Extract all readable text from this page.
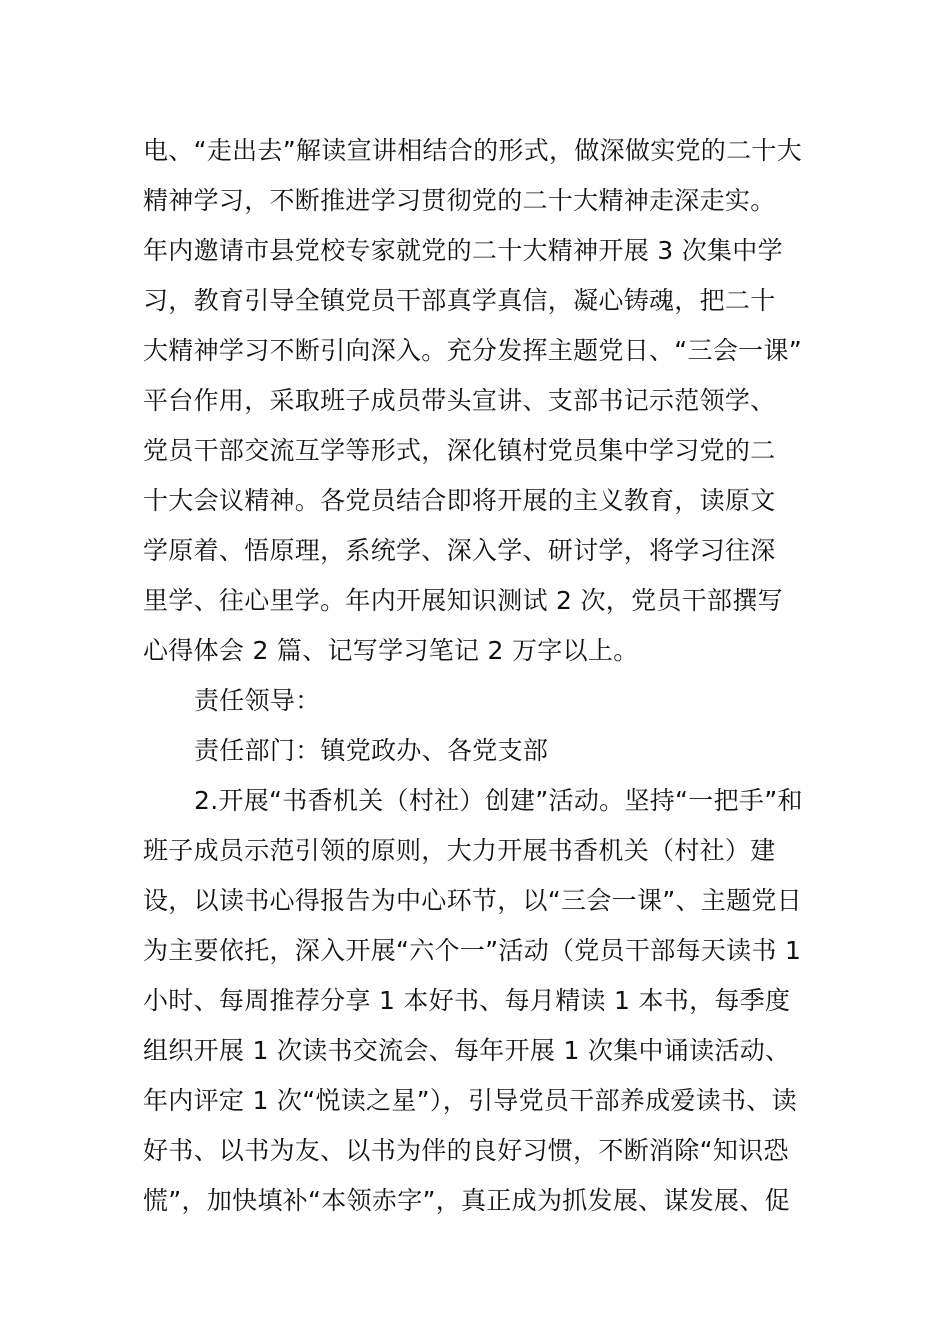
电、“走出去”解读宣讲相结合的形式，做深做实党的二十大
精神学习，不断推进学习贯彻党的二十大精神走深走实。
年内邀请市县党校专家就党的二十大精神开展 3 次集中学
习，教育引导全镇党员干部真学真信，凝心铸魂，把二十
大精神学习不断引向深入。充分发挥主题党日、“三会一课”
平台作用，采取班子成员带头宣讲、支部书记示范领学、
党员干部交流互学等形式，深化镇村党员集中学习党的二
十大会议精神。各党员结合即将开展的主义教育，读原文
学原着、悟原理，系统学、深入学、研讨学，将学习往深
里学、往心里学。年内开展知识测试 2 次，党员干部撰写
心得体会 2 篇、记写学习笔记 2 万字以上。
责任领导：
责任部门：镇党政办、各党支部
2.开展“书香机关（村社）创建”活动。坚持“一把手”和
班子成员示范引领的原则，大力开展书香机关（村社）建
设，以读书心得报告为中心环节，以“三会一课”、主题党日
为主要依托，深入开展“六个一”活动（党员干部每天读书 1
小时、每周推荐分享 1 本好书、每月精读 1 本书，每季度
组织开展 1 次读书交流会、每年开展 1 次集中诵读活动、
年内评定 1 次“悦读之星”），引导党员干部养成爱读书、读
好书、以书为友、以书为伴的良好习惯，不断消除“知识恐
慌”，加快填补“本领赤字”，真正成为抓发展、谋发展、促
